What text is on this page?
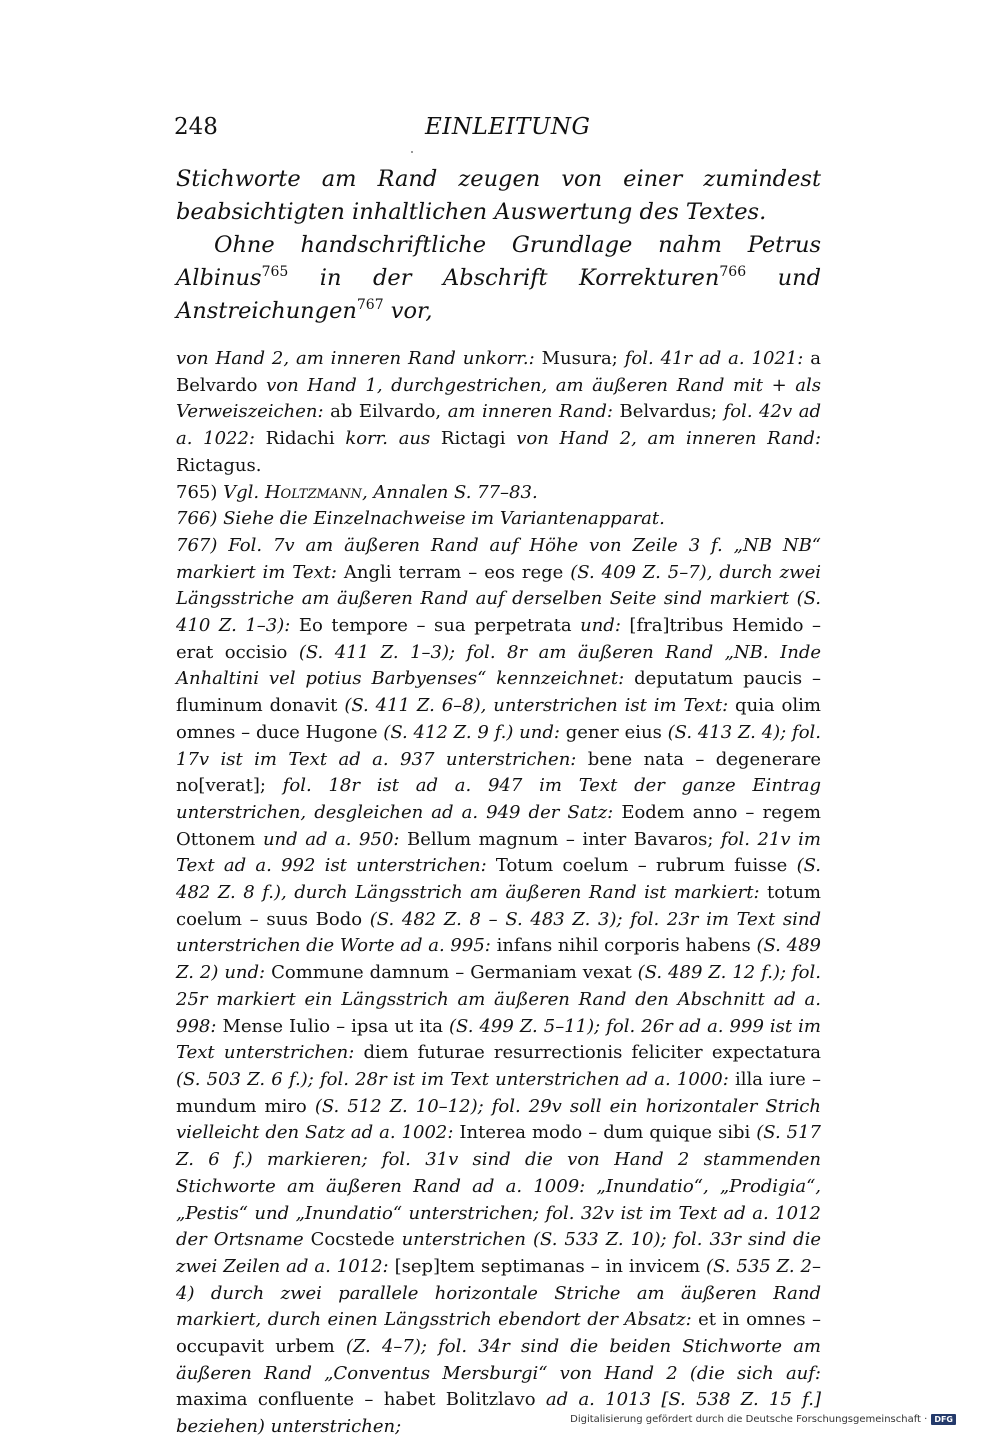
248	EINLEITUNG

Stichworte am Rand zeugen von einer zumindest beabsichtigten inhaltlichen Auswertung des Textes.

Ohne handschriftliche Grundlage nahm Petrus Albinus$^{765}$ in der Abschrift Korrekturen$^{766}$ und Anstreichungen$^{767}$ vor,

von Hand 2, am inneren Rand unkorr.: Musura; fol. 41r ad a. 1021: a Belvardo von Hand 1, durchgestrichen, am äußeren Rand mit + als Verweiszeichen: ab Eilvardo, am inneren Rand: Belvardus; fol. 42v ad a. 1022: Ridachi korr. aus Rictagi von Hand 2, am inneren Rand: Rictagus.

765) Vgl. Holtzmann, Annalen S. 77–83.

766) Siehe die Einzelnachweise im Variantenapparat.

767) Fol. 7v am äußeren Rand auf Höhe von Zeile 3 f. „NB NB“ markiert im Text: Angli terram – eos rege (S. 409 Z. 5–7), durch zwei Längsstriche am äußeren Rand auf derselben Seite sind markiert (S. 410 Z. 1–3): Eo tempore – sua perpetrata und: [fra]tribus Hemido – erat occisio (S. 411 Z. 1–3); fol. 8r am äußeren Rand „NB. Inde Anhaltini vel potius Barbyenses“ kennzeichnet: deputatum paucis – fluminum donavit (S. 411 Z. 6–8), unterstrichen ist im Text: quia olim omnes – duce Hugone (S. 412 Z. 9 f.) und: gener eius (S. 413 Z. 4); fol. 17v ist im Text ad a. 937 unterstrichen: bene nata – degenerare no[verat]; fol. 18r ist ad a. 947 im Text der ganze Eintrag unterstrichen, desgleichen ad a. 949 der Satz: Eodem anno – regem Ottonem und ad a. 950: Bellum magnum – inter Bavaros; fol. 21v im Text ad a. 992 ist unterstrichen: Totum coelum – rubrum fuisse (S. 482 Z. 8 f.), durch Längsstrich am äußeren Rand ist markiert: totum coelum – suus Bodo (S. 482 Z. 8 – S. 483 Z. 3); fol. 23r im Text sind unterstrichen die Worte ad a. 995: infans nihil corporis habens (S. 489 Z. 2) und: Commune damnum – Germaniam vexat (S. 489 Z. 12 f.); fol. 25r markiert ein Längsstrich am äußeren Rand den Abschnitt ad a. 998: Mense Iulio – ipsa ut ita (S. 499 Z. 5–11); fol. 26r ad a. 999 ist im Text unterstrichen: diem futurae resurrectionis feliciter expectatura (S. 503 Z. 6 f.); fol. 28r ist im Text unterstrichen ad a. 1000: illa iure – mundum miro (S. 512 Z. 10–12); fol. 29v soll ein horizontaler Strich vielleicht den Satz ad a. 1002: Interea modo – dum quique sibi (S. 517 Z. 6 f.) markieren; fol. 31v sind die von Hand 2 stammenden Stichworte am äußeren Rand ad a. 1009: „Inundatio“, „Prodigia“, „Pestis“ und „Inundatio“ unterstrichen; fol. 32v ist im Text ad a. 1012 der Ortsname Cocstede unterstrichen (S. 533 Z. 10); fol. 33r sind die zwei Zeilen ad a. 1012: [sep]tem septimanas – in invicem (S. 535 Z. 2–4) durch zwei parallele horizontale Striche am äußeren Rand markiert, durch einen Längsstrich ebendort der Absatz: et in omnes – occupavit urbem (Z. 4–7); fol. 34r sind die beiden Stichworte am äußeren Rand „Conventus Mersburgi“ von Hand 2 (die sich auf: maxima confluente – habet Bolitzlavo ad a. 1013 [S. 538 Z. 15 f.] beziehen) unterstrichen;	Digitalisierung gefördert durch die Deutsche Forschungsgemeinschaft · DFG
